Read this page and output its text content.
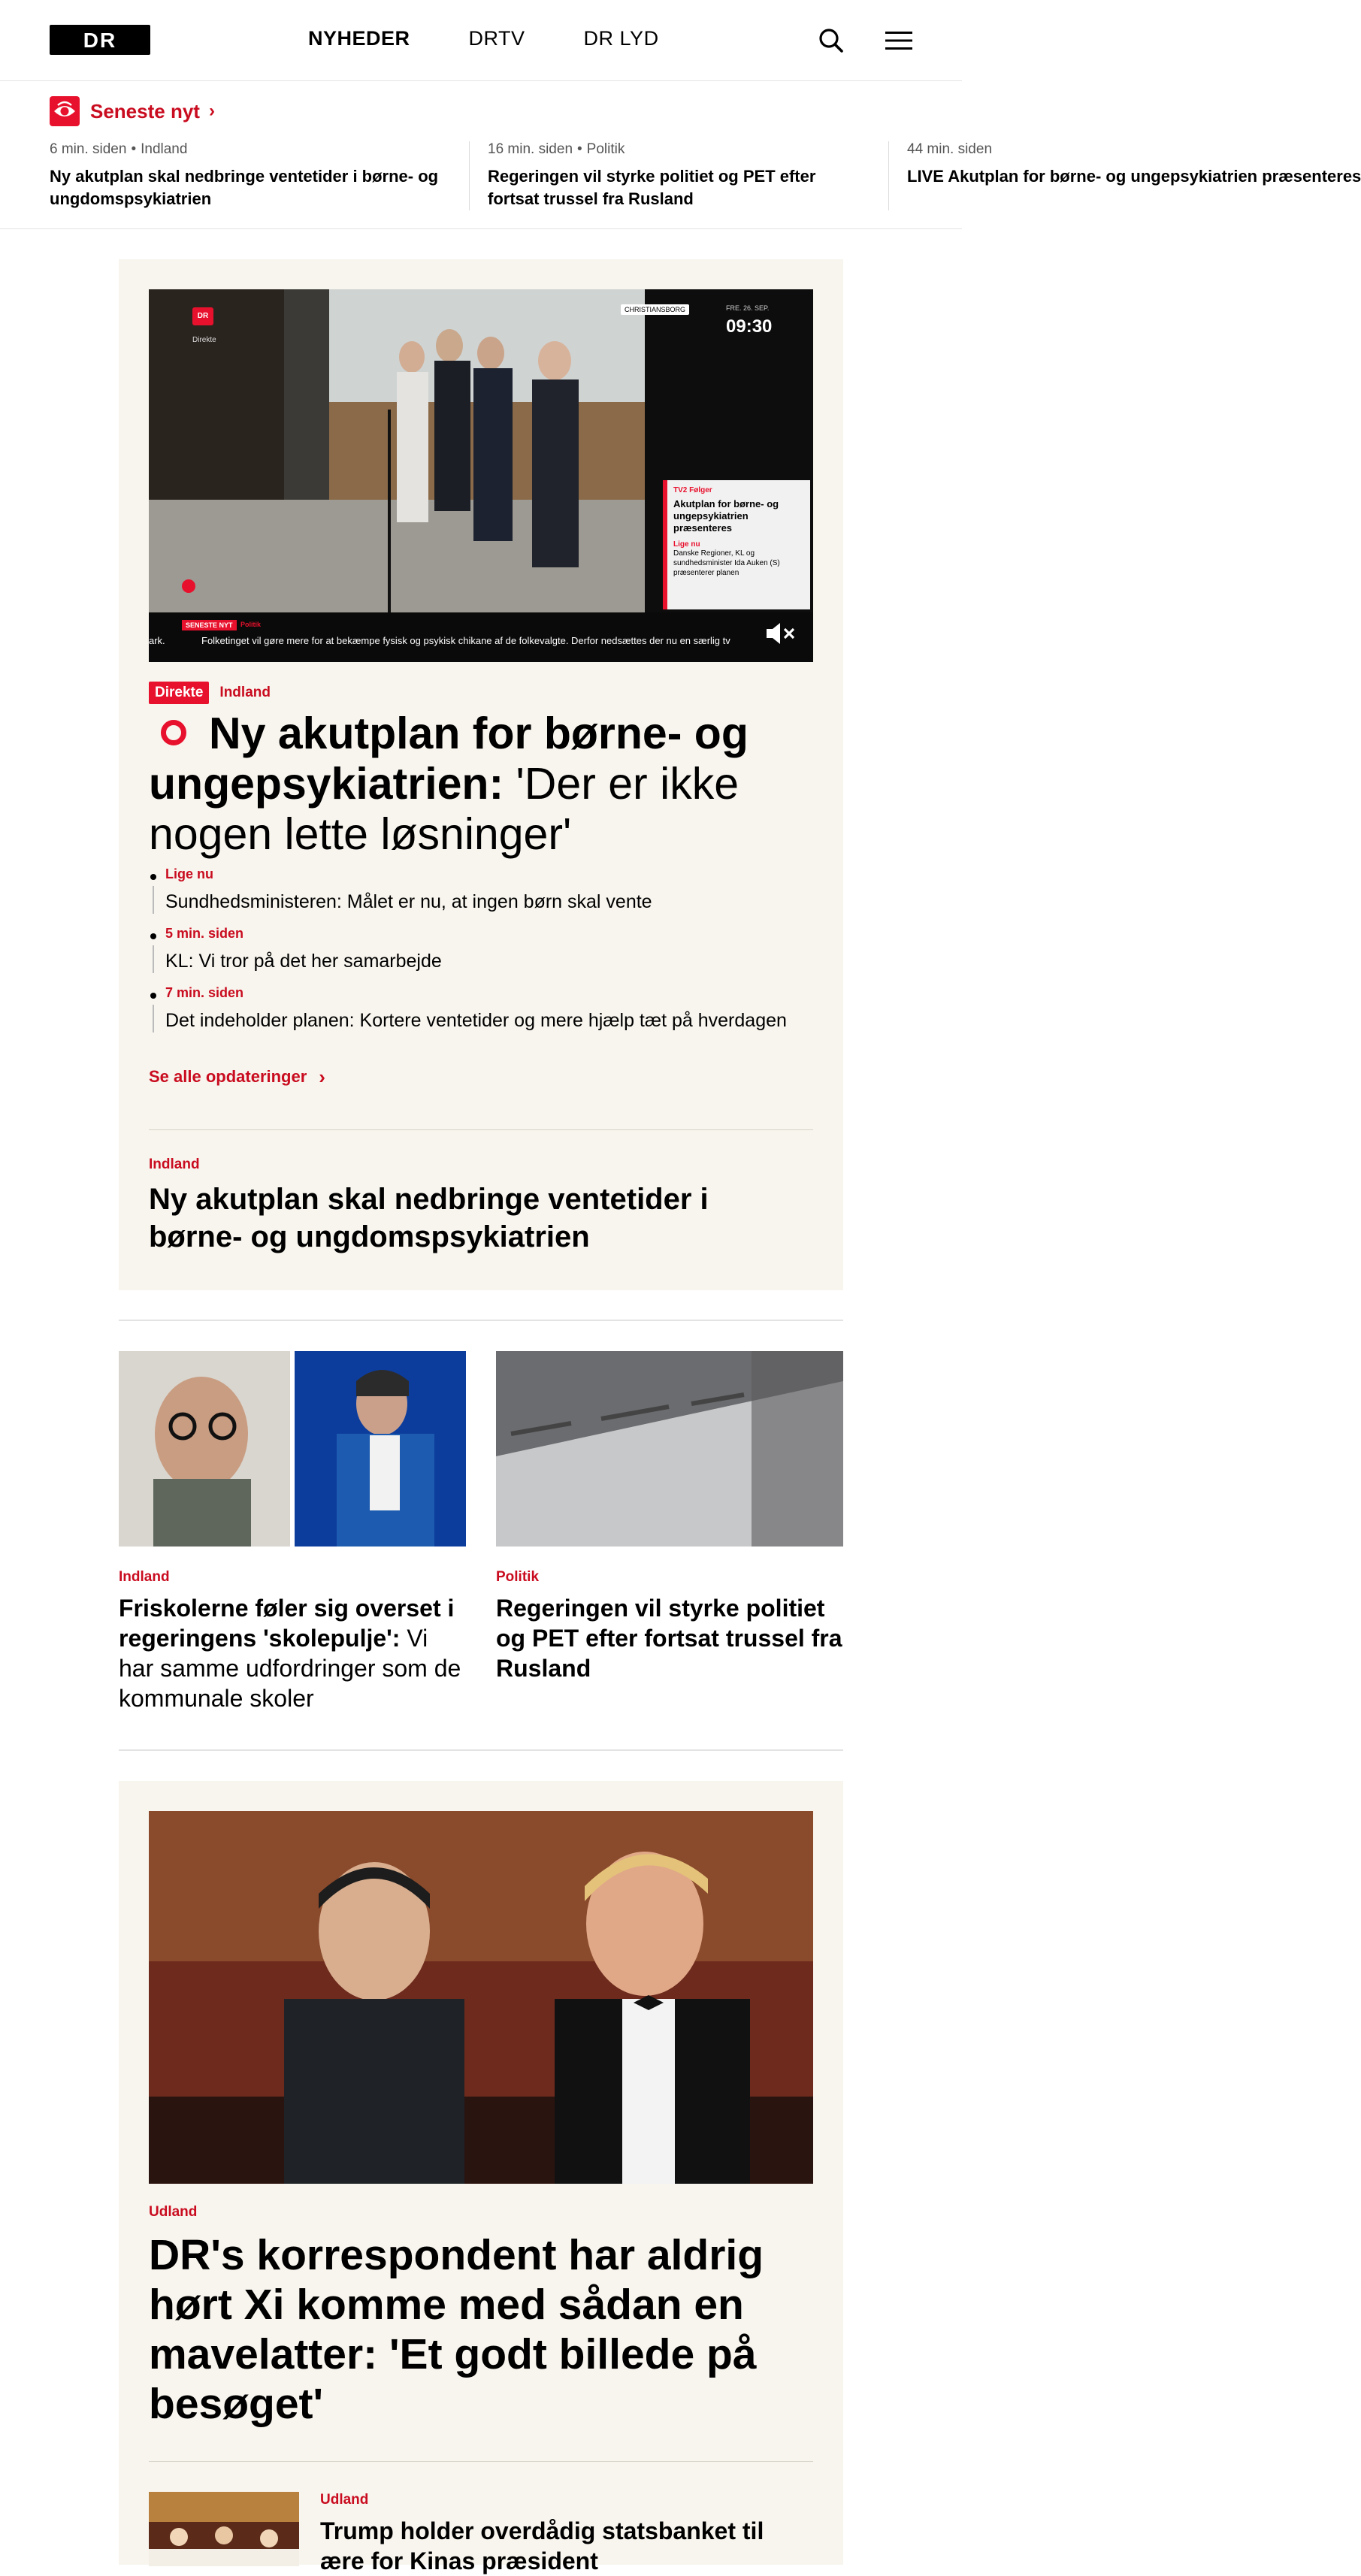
DR	NYHEDER	DRTV	DR LYD
Seneste nyt ›
6 min. siden • Indland
Ny akutplan skal nedbringe ventetider i børne- og ungdomspsykiatrien
16 min. siden • Politik
Regeringen vil styrke politiet og PET efter fortsat trussel fra Rusland
44 min. siden
LIVE Akutplan for børne- og ungepsykiatrien præsenteres
CHRISTIANSBORG	FRE. 26. SEP.
09:30
DR
Direkte
TV2 Følger
Akutplan for børne- og ungepsykiatrien præsenteres
Lige nu
Danske Regioner, KL og sundhedsminister Ida Auken (S) præsenterer planen
SENESTE NYT	Politik
ark.	Folketinget vil gøre mere for at bekæmpe fysisk og psykisk chikane af de folkevalgte. Derfor nedsættes der nu en særlig tv
Direkte	Indland
Ny akutplan for børne- og ungepsykiatrien: 'Der er ikke nogen lette løsninger'
Lige nu
Sundhedsministeren: Målet er nu, at ingen børn skal vente
5 min. siden
KL: Vi tror på det her samarbejde
7 min. siden
Det indeholder planen: Kortere ventetider og mere hjælp tæt på hverdagen
Se alle opdateringer ›
Indland
Ny akutplan skal nedbringe ventetider i børne- og ungdomspsykiatrien
Indland
Friskolerne føler sig overset i regeringens 'skolepulje': Vi har samme udfordringer som de kommunale skoler
Politik
Regeringen vil styrke politiet og PET efter fortsat trussel fra Rusland
Udland
DR's korrespondent har aldrig hørt Xi komme med sådan en mavelatter: 'Et godt billede på besøget'
Udland
Trump holder overdådig statsbanket til ære for Kinas præsident
